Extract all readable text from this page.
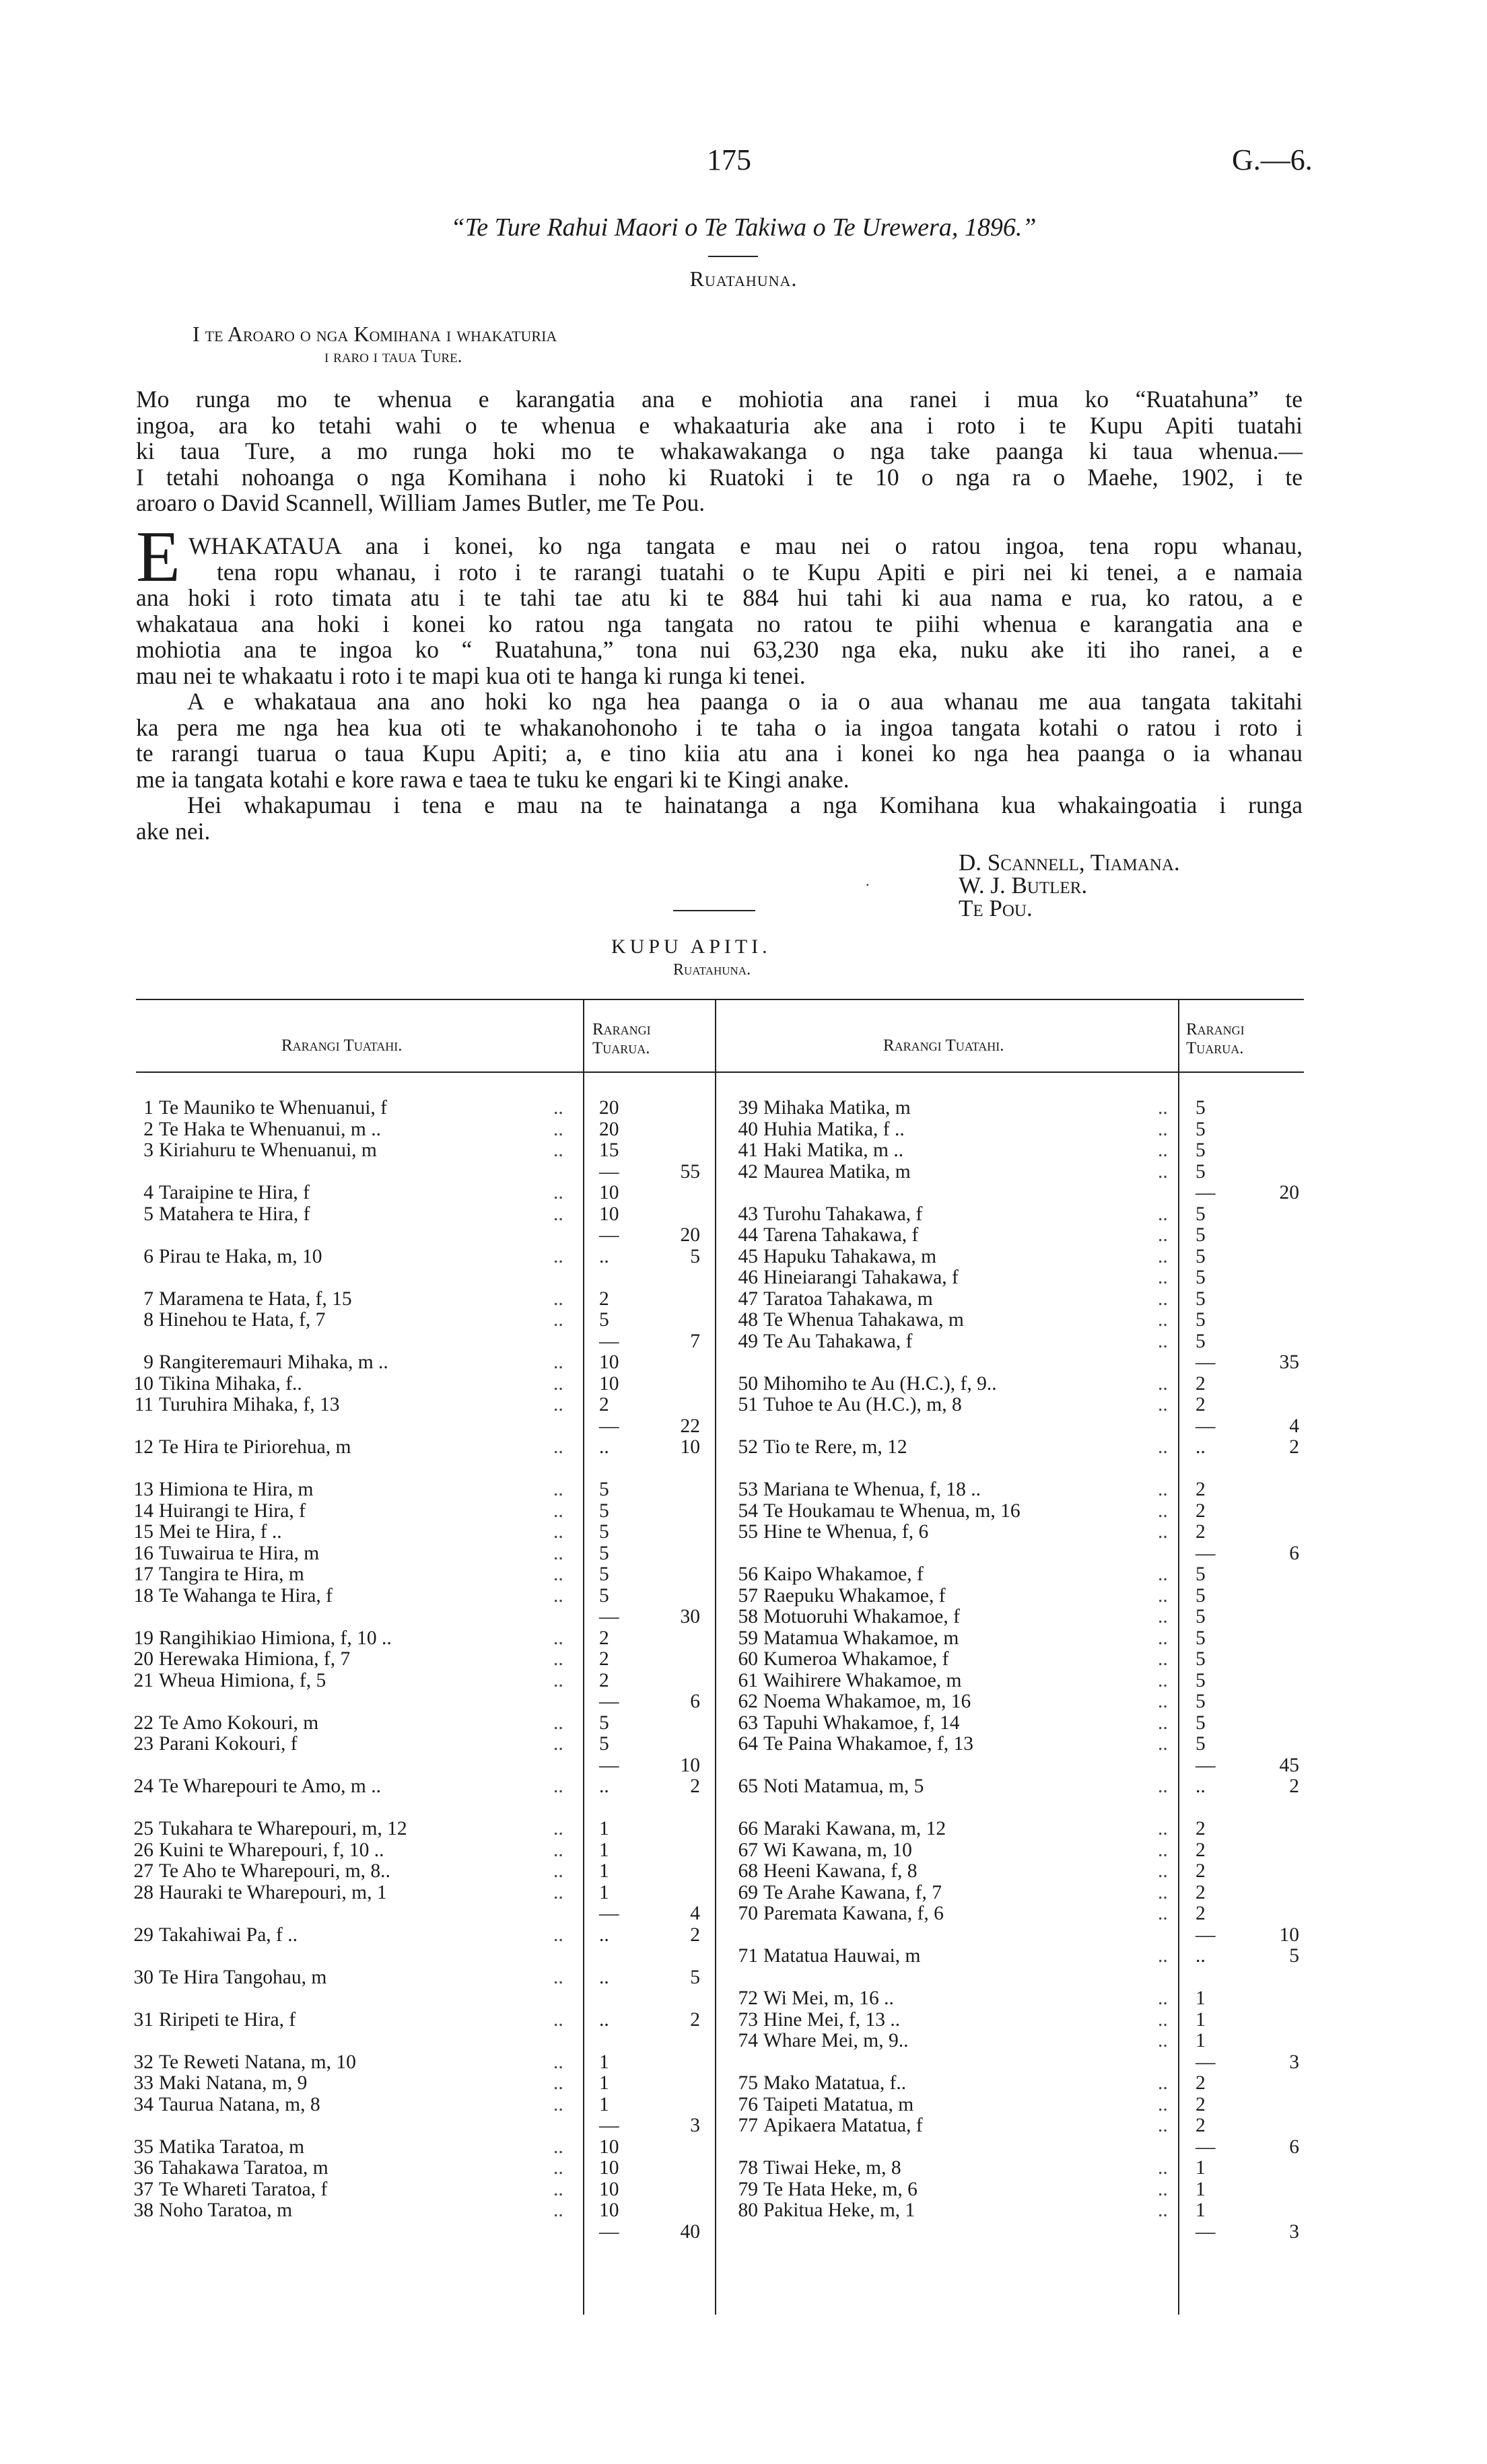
175	G.—6.
“Te Ture Rahui Maori o Te Takiwa o Te Urewera, 1896.”
Ruatahuna.
I te Aroaro o nga Komihana i whakaturia
i raro i taua Ture.
Mo runga mo te whenua e karangatia ana e mohiotia ana ranei i mua ko “Ruatahuna” te
ingoa, ara ko tetahi wahi o te whenua e whakaaturia ake ana i roto i te Kupu Apiti tuatahi
ki taua Ture, a mo runga hoki mo te whakawakanga o nga take paanga ki taua whenua.—
I tetahi nohoanga o nga Komihana i noho ki Ruatoki i te 10 o nga ra o Maehe, 1902, i te
aroaro o David Scannell, William James Butler, me Te Pou.
E WHAKATAUA ana i konei, ko nga tangata e mau nei o ratou ingoa, tena ropu whanau,
tena ropu whanau, i roto i te rarangi tuatahi o te Kupu Apiti e piri nei ki tenei, a e namaia
ana hoki i roto timata atu i te tahi tae atu ki te 884 hui tahi ki aua nama e rua, ko ratou, a e
whakataua ana hoki i konei ko ratou nga tangata no ratou te piihi whenua e karangatia ana e
mohiotia ana te ingoa ko “ Ruatahuna,” tona nui 63,230 nga eka, nuku ake iti iho ranei, a e
mau nei te whakaatu i roto i te mapi kua oti te hanga ki runga ki tenei.
A e whakataua ana ano hoki ko nga hea paanga o ia o aua whanau me aua tangata takitahi
ka pera me nga hea kua oti te whakanohonoho i te taha o ia ingoa tangata kotahi o ratou i roto i
te rarangi tuarua o taua Kupu Apiti; a, e tino kiia atu ana i konei ko nga hea paanga o ia whanau
me ia tangata kotahi e kore rawa e taea te tuku ke engari ki te Kingi anake.
Hei whakapumau i tena e mau na te hainatanga a nga Komihana kua whakaingoatia i runga
ake nei.
D. Scannell, Tiamana.
.	W. J. Butler.
Te Pou.
KUPU APITI.
Ruatahuna.
Rarangi Tuatahi.
Rarangi
Tuarua.	Rarangi Tuatahi.
Rarangi
Tuarua.
1 Te Mauniko te Whenuanui, f	.. 20
2 Te Haka te Whenuanui, m ..	.. 20
3 Kiriahuru te Whenuanui, m	.. 15
—	55
4 Taraipine te Hira, f	.. 10
5 Matahera te Hira, f	.. 10
—	20
6 Pirau te Haka, m, 10	.. ..	5
7 Maramena te Hata, f, 15	.. 2
8 Hinehou te Hata, f, 7	.. 5
—	7
9 Rangiteremauri Mihaka, m ..	.. 10
10 Tikina Mihaka, f..	.. 10
11 Turuhira Mihaka, f, 13	.. 2
—	22
12 Te Hira te Piriorehua, m	.. ..	10
13 Himiona te Hira, m	.. 5
14 Huirangi te Hira, f	.. 5
15 Mei te Hira, f ..	.. 5
16 Tuwairua te Hira, m	.. 5
17 Tangira te Hira, m	.. 5
18 Te Wahanga te Hira, f	.. 5
—	30
19 Rangihikiao Himiona, f, 10 ..	.. 2
20 Herewaka Himiona, f, 7	.. 2
21 Wheua Himiona, f, 5	.. 2
—	6
22 Te Amo Kokouri, m	.. 5
23 Parani Kokouri, f	.. 5
—	10
24 Te Wharepouri te Amo, m ..	.. ..	2
25 Tukahara te Wharepouri, m, 12	.. 1
26 Kuini te Wharepouri, f, 10 ..	.. 1
27 Te Aho te Wharepouri, m, 8..	.. 1
28 Hauraki te Wharepouri, m, 1	.. 1
—	4
29 Takahiwai Pa, f ..	.. ..	2
30 Te Hira Tangohau, m	.. ..	5
31 Riripeti te Hira, f	.. ..	2
32 Te Reweti Natana, m, 10	.. 1
33 Maki Natana, m, 9	.. 1
34 Taurua Natana, m, 8	.. 1
—	3
35 Matika Taratoa, m	.. 10
36 Tahakawa Taratoa, m	.. 10
37 Te Whareti Taratoa, f	.. 10
38 Noho Taratoa, m	.. 10
—	40
39 Mihaka Matika, m	.. 5
40 Huhia Matika, f ..	.. 5
41 Haki Matika, m ..	.. 5
42 Maurea Matika, m	.. 5
—	20
43 Turohu Tahakawa, f	.. 5
44 Tarena Tahakawa, f	.. 5
45 Hapuku Tahakawa, m	.. 5
46 Hineiarangi Tahakawa, f	.. 5
47 Taratoa Tahakawa, m	.. 5
48 Te Whenua Tahakawa, m	.. 5
49 Te Au Tahakawa, f	.. 5
—	35
50 Mihomiho te Au (H.C.), f, 9..	.. 2
51 Tuhoe te Au (H.C.), m, 8	.. 2
—	4
52 Tio te Rere, m, 12	.. ..	2
53 Mariana te Whenua, f, 18 ..	.. 2
54 Te Houkamau te Whenua, m, 16	.. 2
55 Hine te Whenua, f, 6	.. 2
—	6
56 Kaipo Whakamoe, f	.. 5
57 Raepuku Whakamoe, f	.. 5
58 Motuoruhi Whakamoe, f	.. 5
59 Matamua Whakamoe, m	.. 5
60 Kumeroa Whakamoe, f	.. 5
61 Waihirere Whakamoe, m	.. 5
62 Noema Whakamoe, m, 16	.. 5
63 Tapuhi Whakamoe, f, 14	.. 5
64 Te Paina Whakamoe, f, 13	.. 5
—	45
65 Noti Matamua, m, 5	.. ..	2
66 Maraki Kawana, m, 12	.. 2
67 Wi Kawana, m, 10	.. 2
68 Heeni Kawana, f, 8	.. 2
69 Te Arahe Kawana, f, 7	.. 2
70 Paremata Kawana, f, 6	.. 2
—	10
71 Matatua Hauwai, m	.. ..	5
72 Wi Mei, m, 16 ..	.. 1
73 Hine Mei, f, 13 ..	.. 1
74 Whare Mei, m, 9..	.. 1
—	3
75 Mako Matatua, f..	.. 2
76 Taipeti Matatua, m	.. 2
77 Apikaera Matatua, f	.. 2
—	6
78 Tiwai Heke, m, 8	.. 1
79 Te Hata Heke, m, 6	.. 1
80 Pakitua Heke, m, 1	.. 1
—	3
